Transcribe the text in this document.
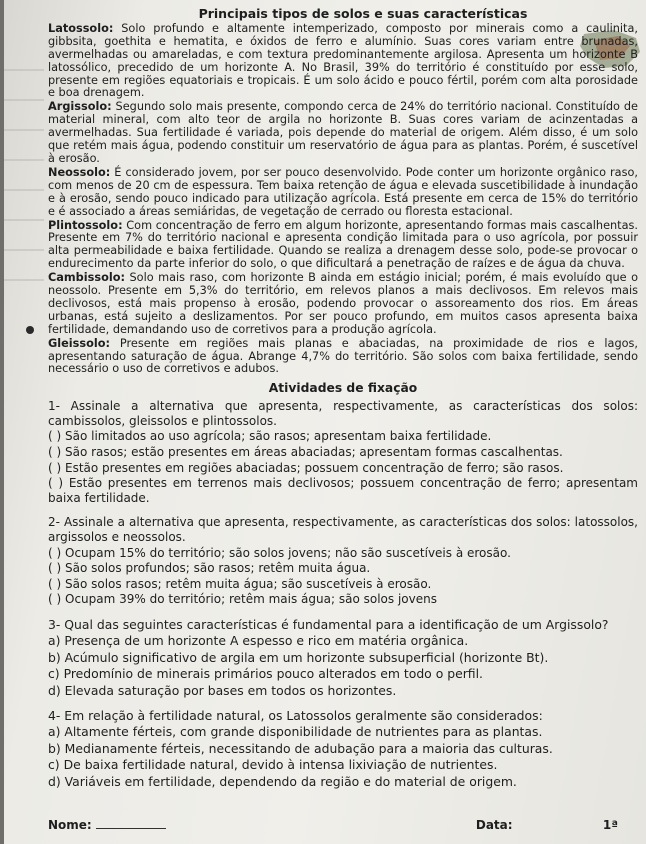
Principais tipos de solos e suas características

Latossolo: Solo profundo e altamente intemperizado, composto por minerais como a caulinita, gibbsita, goethita e hematita, e óxidos de ferro e alumínio. Suas cores variam entre brunadas, avermelhadas ou amareladas, e com textura predominantemente argilosa. Apresenta um horizonte B latossólico, precedido de um horizonte A. No Brasil, 39% do território é constituído por esse solo, presente em regiões equatoriais e tropicais. É um solo ácido e pouco fértil, porém com alta porosidade e boa drenagem.

Argissolo: Segundo solo mais presente, compondo cerca de 24% do território nacional. Constituído de material mineral, com alto teor de argila no horizonte B. Suas cores variam de acinzentadas a avermelhadas. Sua fertilidade é variada, pois depende do material de origem. Além disso, é um solo que retém mais água, podendo constituir um reservatório de água para as plantas. Porém, é suscetível à erosão.

Neossolo: É considerado jovem, por ser pouco desenvolvido. Pode conter um horizonte orgânico raso, com menos de 20 cm de espessura. Tem baixa retenção de água e elevada suscetibilidade à inundação e à erosão, sendo pouco indicado para utilização agrícola. Está presente em cerca de 15% do território e é associado a áreas semiáridas, de vegetação de cerrado ou floresta estacional.

Plintossolo: Com concentração de ferro em algum horizonte, apresentando formas mais cascalhentas. Presente em 7% do território nacional e apresenta condição limitada para o uso agrícola, por possuir alta permeabilidade e baixa fertilidade. Quando se realiza a drenagem desse solo, pode-se provocar o endurecimento da parte inferior do solo, o que dificultará a penetração de raízes e de água da chuva.

Cambissolo: Solo mais raso, com horizonte B ainda em estágio inicial; porém, é mais evoluído que o neossolo. Presente em 5,3% do território, em relevos planos a mais declivosos. Em relevos mais declivosos, está mais propenso à erosão, podendo provocar o assoreamento dos rios. Em áreas urbanas, está sujeito a deslizamentos. Por ser pouco profundo, em muitos casos apresenta baixa fertilidade, demandando uso de corretivos para a produção agrícola.

Gleissolo: Presente em regiões mais planas e abaciadas, na proximidade de rios e lagos, apresentando saturação de água. Abrange 4,7% do território. São solos com baixa fertilidade, sendo necessário o uso de corretivos e adubos.

Atividades de fixação

1- Assinale a alternativa que apresenta, respectivamente, as características dos solos: cambissolos, gleissolos e plintossolos.

( ) São limitados ao uso agrícola; são rasos; apresentam baixa fertilidade.

( ) São rasos; estão presentes em áreas abaciadas; apresentam formas cascalhentas.

( ) Estão presentes em regiões abaciadas; possuem concentração de ferro; são rasos.

( ) Estão presentes em terrenos mais declivosos; possuem concentração de ferro; apresentam baixa fertilidade.

2- Assinale a alternativa que apresenta, respectivamente, as características dos solos: latossolos, argissolos e neossolos.

( ) Ocupam 15% do território; são solos jovens; não são suscetíveis à erosão.

( ) São solos profundos; são rasos; retêm muita água.

( ) São solos rasos; retêm muita água; são suscetíveis à erosão.

( ) Ocupam 39% do território; retêm mais água; são solos jovens

3- Qual das seguintes características é fundamental para a identificação de um Argissolo?

a) Presença de um horizonte A espesso e rico em matéria orgânica.

b) Acúmulo significativo de argila em um horizonte subsuperficial (horizonte Bt).

c) Predomínio de minerais primários pouco alterados em todo o perfil.

d) Elevada saturação por bases em todos os horizontes.

4- Em relação à fertilidade natural, os Latossolos geralmente são considerados:

a) Altamente férteis, com grande disponibilidade de nutrientes para as plantas.

b) Medianamente férteis, necessitando de adubação para a maioria das culturas.

c) De baixa fertilidade natural, devido à intensa lixiviação de nutrientes.

d) Variáveis em fertilidade, dependendo da região e do material de origem.

Nome:	Data:	1ª
